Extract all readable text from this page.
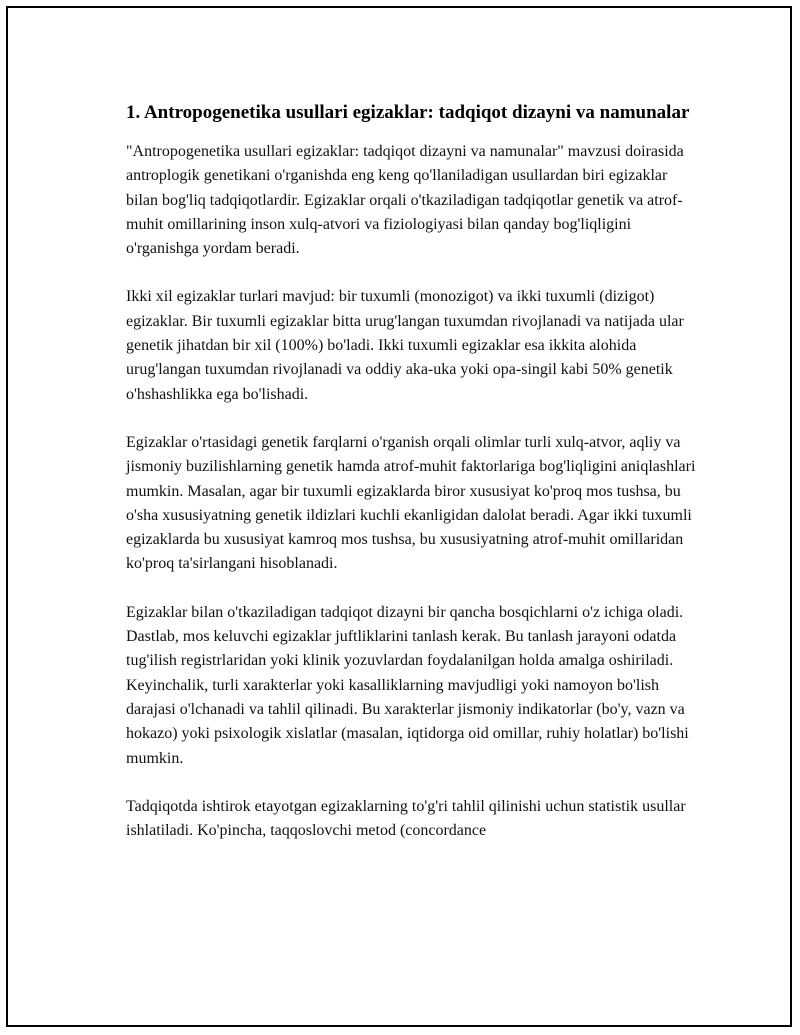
1. Antropogenetika usullari egizaklar: tadqiqot dizayni va namunalar

"Antropogenetika usullari egizaklar: tadqiqot dizayni va namunalar" mavzusi doirasida antroplogik genetikani o'rganishda eng keng qo'llaniladigan usullardan biri egizaklar bilan bog'liq tadqiqotlardir. Egizaklar orqali o'tkaziladigan tadqiqotlar genetik va atrof-muhit omillarining inson xulq-atvori va fiziologiyasi bilan qanday bog'liqligini o'rganishga yordam beradi.

Ikki xil egizaklar turlari mavjud: bir tuxumli (monozigot) va ikki tuxumli (dizigot) egizaklar. Bir tuxumli egizaklar bitta urug'langan tuxumdan rivojlanadi va natijada ular genetik jihatdan bir xil (100%) bo'ladi. Ikki tuxumli egizaklar esa ikkita alohida urug'langan tuxumdan rivojlanadi va oddiy aka-uka yoki opa-singil kabi 50% genetik o'hshashlikka ega bo'lishadi.

Egizaklar o'rtasidagi genetik farqlarni o'rganish orqali olimlar turli xulq-atvor, aqliy va jismoniy buzilishlarning genetik hamda atrof-muhit faktorlariga bog'liqligini aniqlashlari mumkin. Masalan, agar bir tuxumli egizaklarda biror xususiyat ko'proq mos tushsa, bu o'sha xususiyatning genetik ildizlari kuchli ekanligidan dalolat beradi. Agar ikki tuxumli egizaklarda bu xususiyat kamroq mos tushsa, bu xususiyatning atrof-muhit omillaridan ko'proq ta'sirlangani hisoblanadi.

Egizaklar bilan o'tkaziladigan tadqiqot dizayni bir qancha bosqichlarni o'z ichiga oladi. Dastlab, mos keluvchi egizaklar juftliklarini tanlash kerak. Bu tanlash jarayoni odatda tug'ilish registrlaridan yoki klinik yozuvlardan foydalanilgan holda amalga oshiriladi. Keyinchalik, turli xarakterlar yoki kasalliklarning mavjudligi yoki namoyon bo'lish darajasi o'lchanadi va tahlil qilinadi. Bu xarakterlar jismoniy indikatorlar (bo'y, vazn va hokazo) yoki psixologik xislatlar (masalan, iqtidorga oid omillar, ruhiy holatlar) bo'lishi mumkin.

Tadqiqotda ishtirok etayotgan egizaklarning to'g'ri tahlil qilinishi uchun statistik usullar ishlatiladi. Ko'pincha, taqqoslovchi metod (concordance
